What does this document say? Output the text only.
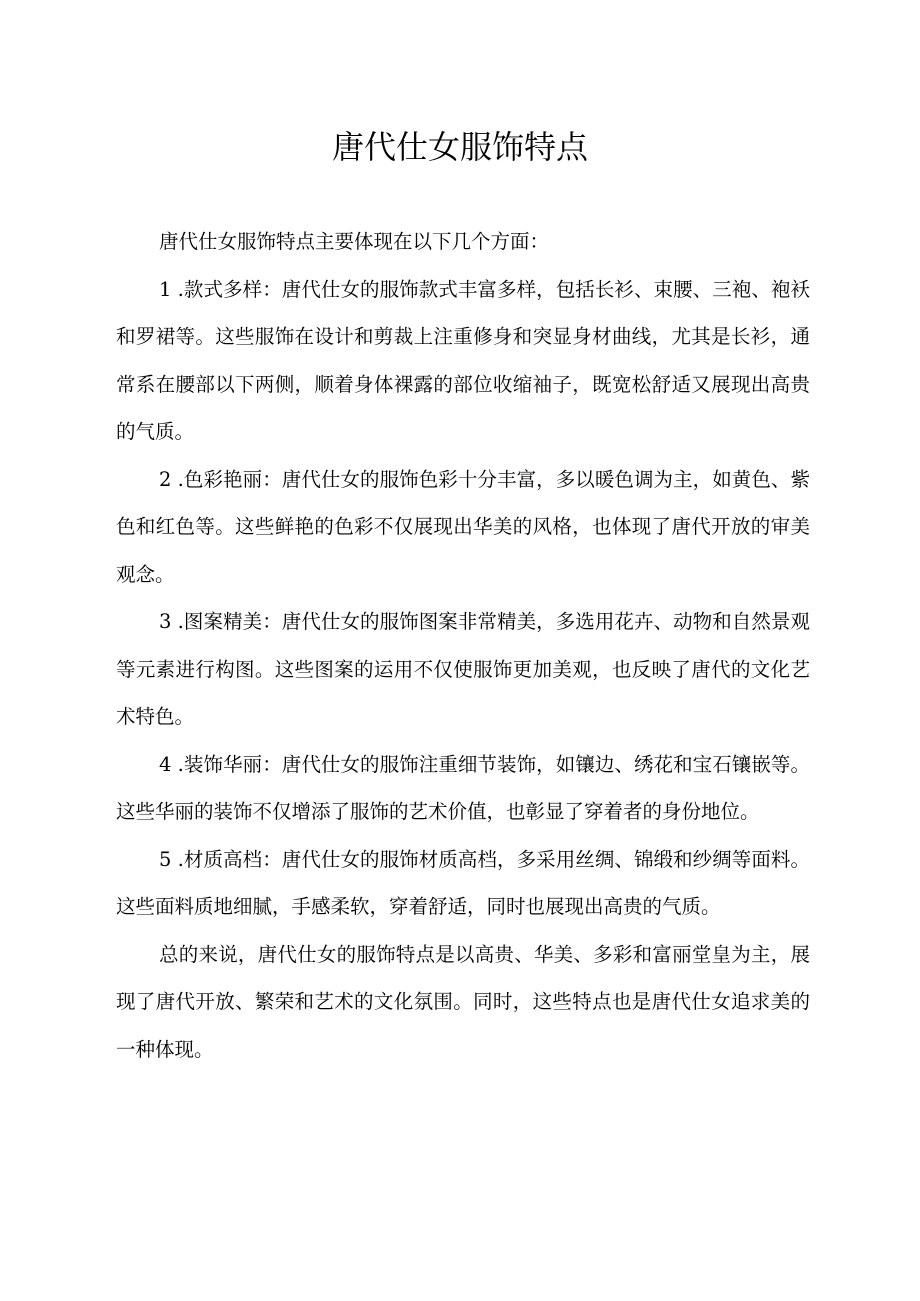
唐代仕女服饰特点

唐代仕女服饰特点主要体现在以下几个方面：

1 .款式多样：唐代仕女的服饰款式丰富多样，包括长衫、束腰、三袍、袍袄和罗裙等。这些服饰在设计和剪裁上注重修身和突显身材曲线，尤其是长衫，通常系在腰部以下两侧，顺着身体裸露的部位收缩袖子，既宽松舒适又展现出高贵的气质。

2 .色彩艳丽：唐代仕女的服饰色彩十分丰富，多以暖色调为主，如黄色、紫色和红色等。这些鲜艳的色彩不仅展现出华美的风格，也体现了唐代开放的审美观念。

3 .图案精美：唐代仕女的服饰图案非常精美，多选用花卉、动物和自然景观等元素进行构图。这些图案的运用不仅使服饰更加美观，也反映了唐代的文化艺术特色。

4 .装饰华丽：唐代仕女的服饰注重细节装饰，如镶边、绣花和宝石镶嵌等。这些华丽的装饰不仅增添了服饰的艺术价值，也彰显了穿着者的身份地位。

5 .材质高档：唐代仕女的服饰材质高档，多采用丝绸、锦缎和纱绸等面料。这些面料质地细腻，手感柔软，穿着舒适，同时也展现出高贵的气质。

总的来说，唐代仕女的服饰特点是以高贵、华美、多彩和富丽堂皇为主，展现了唐代开放、繁荣和艺术的文化氛围。同时，这些特点也是唐代仕女追求美的一种体现。
